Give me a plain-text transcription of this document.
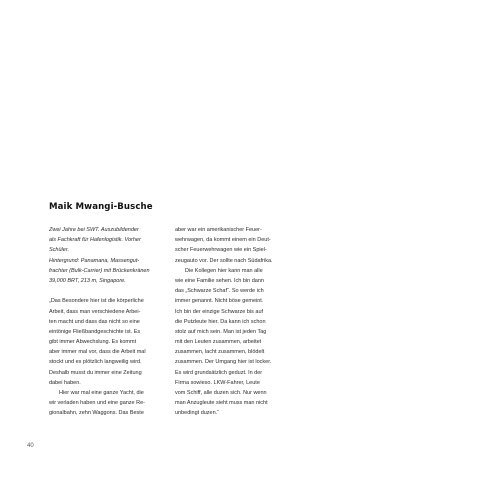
Maik Mwangi-Busche
Zwei Jahre bei SWT. Auszubildender
als Fachkraft für Hafenlogistik. Vorher
Schüler.
Hintergrund: Panamana, Massengut-
frachter (Bulk-Carrier) mit Brückenkränen
39,000 BRT, 213 m, Singapore.
„Das Besondere hier ist die körperliche
Arbeit, dass man verschiedene Arbei-
ten macht und dass das nicht so eine
eintönige Fließbandgeschichte ist. Es
gibt immer Abwechslung. Es kommt
aber immer mal vor, dass die Arbeit mal
stockt und es plötzlich langweilig wird.
Deshalb musst du immer eine Zeitung
dabei haben.
Hier war mal eine ganze Yacht, die
wir verladen haben und eine ganze Re-
gionalbahn, zehn Waggons. Das Beste
aber war ein amerikanischer Feuer-
wehrwagen, da kommt einem ein Deut-
scher Feuerwehrwagen wie ein Spiel-
zeugauto vor. Der sollte nach Südafrika.
Die Kollegen hier kann man alle
wie eine Familie sehen. Ich bin dann
das „Schwarze Schaf“. So werde ich
immer genannt. Nicht böse gemeint.
Ich bin der einzige Schwarze bis auf
die Putzleute hier. Da kann ich schon
stolz auf mich sein. Man ist jeden Tag
mit den Leuten zusammen, arbeitet
zusammen, lacht zusammen, blödelt
zusammen. Der Umgang hier ist locker.
Es wird grundsätzlich geduzt. In der
Firma sowieso. LKW-Fahrer, Leute
vom Schiff, alle duzen sich. Nur wenn
man Anzugleute sieht muss man nicht
unbedingt duzen.“
40
